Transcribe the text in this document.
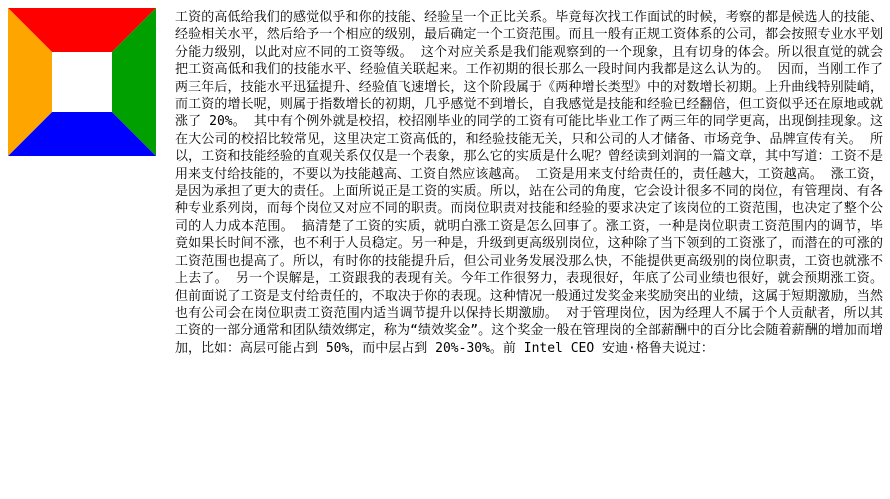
工资的高低给我们的感觉似乎和你的技能、经验呈一个正比关系。毕竟每次找工作面试的时候，考察的都是候选人的技能、经验相关水平，然后给予一个相应的级别，最后确定一个工资范围。而且一般有正规工资体系的公司，都会按照专业水平划分能力级别，以此对应不同的工资等级。 这个对应关系是我们能观察到的一个现象，且有切身的体会。所以很直觉的就会把工资高低和我们的技能水平、经验值关联起来。工作初期的很长那么一段时间内我都是这么认为的。 因而，当刚工作了两三年后，技能水平迅猛提升、经验值飞速增长，这个阶段属于《两种增长类型》中的对数增长初期。上升曲线特别陡峭，而工资的增长呢，则属于指数增长的初期，几乎感觉不到增长，自我感觉是技能和经验已经翻倍，但工资似乎还在原地或就涨了 20%。 其中有个例外就是校招，校招刚毕业的同学的工资有可能比毕业工作了两三年的同学更高，出现倒挂现象。这在大公司的校招比较常见，这里决定工资高低的，和经验技能无关，只和公司的人才储备、市场竞争、品牌宣传有关。 所以，工资和技能经验的直观关系仅仅是一个表象，那么它的实质是什么呢？曾经读到刘润的一篇文章，其中写道：工资不是用来支付给技能的，不要以为技能越高、工资自然应该越高。 工资是用来支付给责任的，责任越大，工资越高。 涨工资，是因为承担了更大的责任。上面所说正是工资的实质。所以，站在公司的角度，它会设计很多不同的岗位，有管理岗、有各种专业系列岗，而每个岗位又对应不同的职责。而岗位职责对技能和经验的要求决定了该岗位的工资范围，也决定了整个公司的人力成本范围。 搞清楚了工资的实质，就明白涨工资是怎么回事了。涨工资，一种是岗位职责工资范围内的调节，毕竟如果长时间不涨，也不利于人员稳定。另一种是，升级到更高级别岗位，这种除了当下领到的工资涨了，而潜在的可涨的工资范围也提高了。所以，有时你的技能提升后，但公司业务发展没那么快，不能提供更高级别的岗位职责，工资也就涨不上去了。 另一个误解是，工资跟我的表现有关。今年工作很努力，表现很好，年底了公司业绩也很好，就会预期涨工资。但前面说了工资是支付给责任的，不取决于你的表现。这种情况一般通过发奖金来奖励突出的业绩，这属于短期激励，当然也有公司会在岗位职责工资范围内适当调节提升以保持长期激励。 对于管理岗位，因为经理人不属于个人贡献者，所以其工资的一部分通常和团队绩效绑定，称为“绩效奖金”。这个奖金一般在管理岗的全部薪酬中的百分比会随着薪酬的增加而增加，比如：高层可能占到 50%，而中层占到 20%-30%。前 Intel CEO 安迪·格鲁夫说过：
